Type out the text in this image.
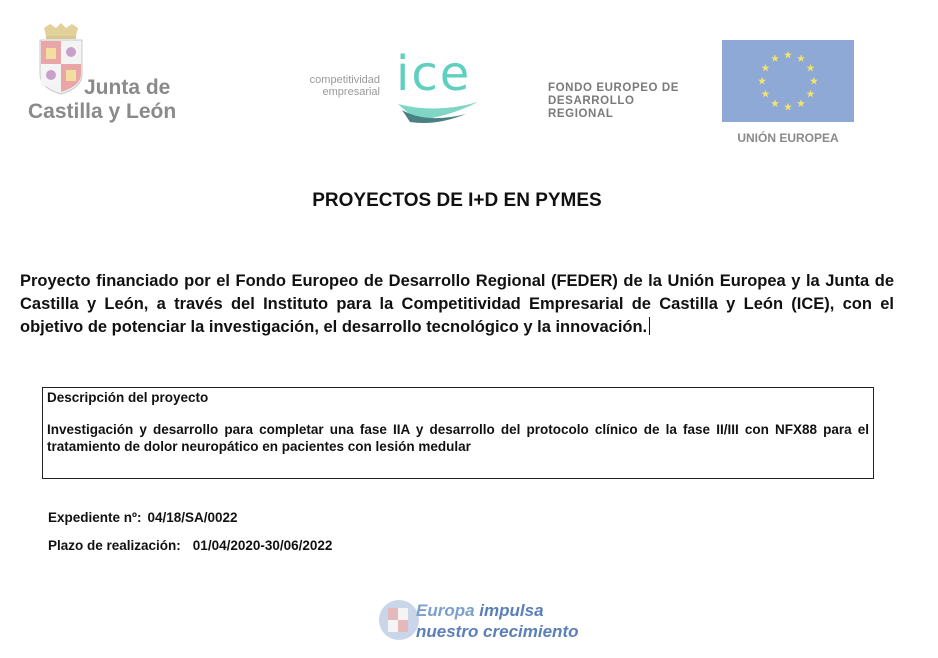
Junta de
Castilla y León
competitividad
empresarial ice	FONDO EUROPEO DE
DESARROLLO
REGIONAL
UNIÓN EUROPEA
PROYECTOS DE I+D EN PYMES
Proyecto financiado por el Fondo Europeo de Desarrollo Regional (FEDER) de la Unión Europea y la Junta de Castilla y León, a través del Instituto para la Competitividad Empresarial de Castilla y León (ICE), con el objetivo de potenciar la investigación, el desarrollo tecnológico y la innovación.
Descripción del proyecto
Investigación y desarrollo para completar una fase IIA y desarrollo del protocolo clínico de la fase II/III con NFX88 para el tratamiento de dolor neuropático en pacientes con lesión medular
Expediente nº: 04/18/SA/0022
Plazo de realización: 01/04/2020-30/06/2022
Europa impulsa
nuestro crecimiento
